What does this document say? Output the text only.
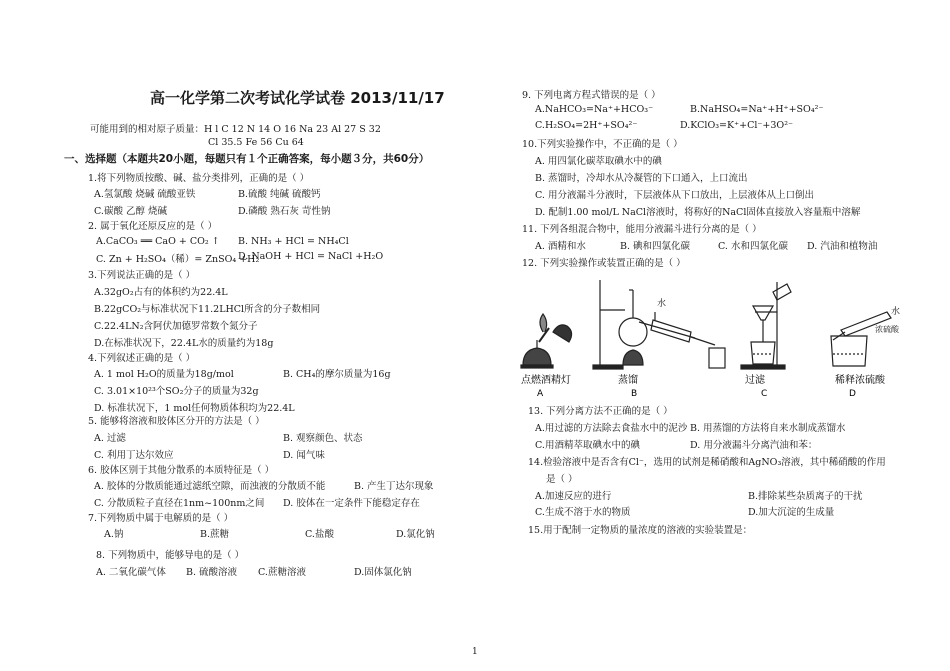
高一化学第二次考试化学试卷 2013/11/17
可能用到的相对原子质量：H l C 12 N 14 O 16 Na 23 Al 27 S 32
Cl 35.5 Fe 56 Cu 64
一、选择题（本题共20小题，每题只有１个正确答案，每小题３分，共60分）
1.将下列物质按酸、碱、盐分类排列，正确的是（ ）
A.氢氯酸 烧碱 硫酸亚铁	B.硫酸 纯碱 硫酸钙
C.碳酸 乙醇 烧碱	D.磷酸 熟石灰 苛性钠
2. 属于氧化还原反应的是（ ）
A.CaCO₃ ══ CaO + CO₂ ↑ B. NH₃ + HCl = NH₄Cl
C. Zn + H₂SO₄（稀）= ZnSO₄ +H₂
D. NaOH + HCl = NaCl +H₂O
3.下列说法正确的是（ ）
A.32gO₂占有的体积约为22.4L
B.22gCO₂与标准状况下11.2LHCl所含的分子数相同
C.22.4LN₂含阿伏加德罗常数个氮分子
D.在标准状况下，22.4L水的质量约为18g
4.下列叙述正确的是（ ）
A. 1 mol H₂O的质量为18g/mol	B. CH₄的摩尔质量为16g
C. 3.01×10²³个SO₂分子的质量为32g
D. 标准状况下，1 mol任何物质体积均为22.4L
5. 能够将溶液和胶体区分开的方法是（ ）
A. 过滤	B. 观察颜色、状态
C. 利用丁达尔效应	D. 闻气味
6. 胶体区别于其他分散系的本质特征是（ ）
A. 胶体的分散质能通过滤纸空隙，而浊液的分散质不能	B. 产生丁达尔现象
C. 分散质粒子直径在1nm~100nm之间 D. 胶体在一定条件下能稳定存在
7.下列物质中属于电解质的是（ ）
A.钠	B.蔗糖	C.盐酸	D.氯化钠
8. 下列物质中，能够导电的是（ ）
A. 二氧化碳气体 B. 硫酸溶液 C.蔗糖溶液	D.固体氯化钠
9. 下列电离方程式错误的是（ ）
A.NaHCO₃=Na⁺+HCO₃⁻	B.NaHSO₄=Na⁺+H⁺+SO₄²⁻
C.H₂SO₄=2H⁺+SO₄²⁻	D.KClO₃=K⁺+Cl⁻+3O²⁻
10.下列实验操作中，不正确的是（ ）
A. 用四氯化碳萃取碘水中的碘
B. 蒸馏时，冷却水从冷凝管的下口通入，上口流出
C. 用分液漏斗分液时，下层液体从下口放出，上层液体从上口倒出
D. 配制1.00 mol/L NaCl溶液时，将称好的NaCl固体直接放入容量瓶中溶解
11. 下列各组混合物中，能用分液漏斗进行分离的是（ ）
A. 酒精和水	B. 碘和四氯化碳	C. 水和四氯化碳 D. 汽油和植物油
12. 下列实验操作或装置正确的是（ ）
点燃酒精灯
A
水
蒸馏
B
过滤
C
浓硫酸
水
稀释浓硫酸
D
13. 下列分离方法不正确的是（ ）
A.用过滤的方法除去食盐水中的泥沙 B. 用蒸馏的方法将自来水制成蒸馏水
C.用酒精萃取碘水中的碘	D. 用分液漏斗分离汽油和苯：
14.检验溶液中是否含有Cl⁻，选用的试剂是稀硝酸和AgNO₃溶液，其中稀硝酸的作用
是（ ）
A.加速反应的进行	B.排除某些杂质离子的干扰
C.生成不溶于水的物质	D.加大沉淀的生成量
15.用于配制一定物质的量浓度的溶液的实验装置是：
1
